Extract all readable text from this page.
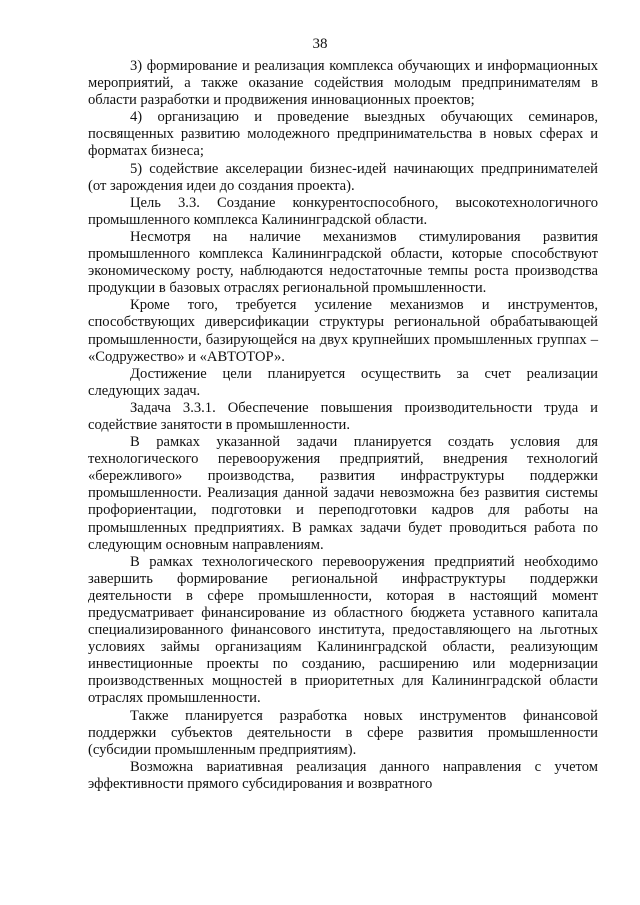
38

3) формирование и реализация комплекса обучающих и информационных мероприятий, а также оказание содействия молодым предпринимателям в области разработки и продвижения инновационных проектов;

4) организацию и проведение выездных обучающих семинаров, посвященных развитию молодежного предпринимательства в новых сферах и форматах бизнеса;

5) содействие акселерации бизнес-идей начинающих предпринимателей (от зарождения идеи до создания проекта).

Цель 3.3. Создание конкурентоспособного, высокотехнологичного промышленного комплекса Калининградской области.

Несмотря на наличие механизмов стимулирования развития промышленного комплекса Калининградской области, которые способствуют экономическому росту, наблюдаются недостаточные темпы роста производства продукции в базовых отраслях региональной промышленности.

Кроме того, требуется усиление механизмов и инструментов, способствующих диверсификации структуры региональной обрабатывающей промышленности, базирующейся на двух крупнейших промышленных группах – «Содружество» и «АВТОТОР».

Достижение цели планируется осуществить за счет реализации следующих задач.

Задача 3.3.1. Обеспечение повышения производительности труда и содействие занятости в промышленности.

В рамках указанной задачи планируется создать условия для технологического перевооружения предприятий, внедрения технологий «бережливого» производства, развития инфраструктуры поддержки промышленности. Реализация данной задачи невозможна без развития системы профориентации, подготовки и переподготовки кадров для работы на промышленных предприятиях. В рамках задачи будет проводиться работа по следующим основным направлениям.

В рамках технологического перевооружения предприятий необходимо завершить формирование региональной инфраструктуры поддержки деятельности в сфере промышленности, которая в настоящий момент предусматривает финансирование из областного бюджета уставного капитала специализированного финансового института, предоставляющего на льготных условиях займы организациям Калининградской области, реализующим инвестиционные проекты по созданию, расширению или модернизации производственных мощностей в приоритетных для Калининградской области отраслях промышленности.

Также планируется разработка новых инструментов финансовой поддержки субъектов деятельности в сфере развития промышленности (субсидии промышленным предприятиям).

Возможна вариативная реализация данного направления с учетом эффективности прямого субсидирования и возвратного
